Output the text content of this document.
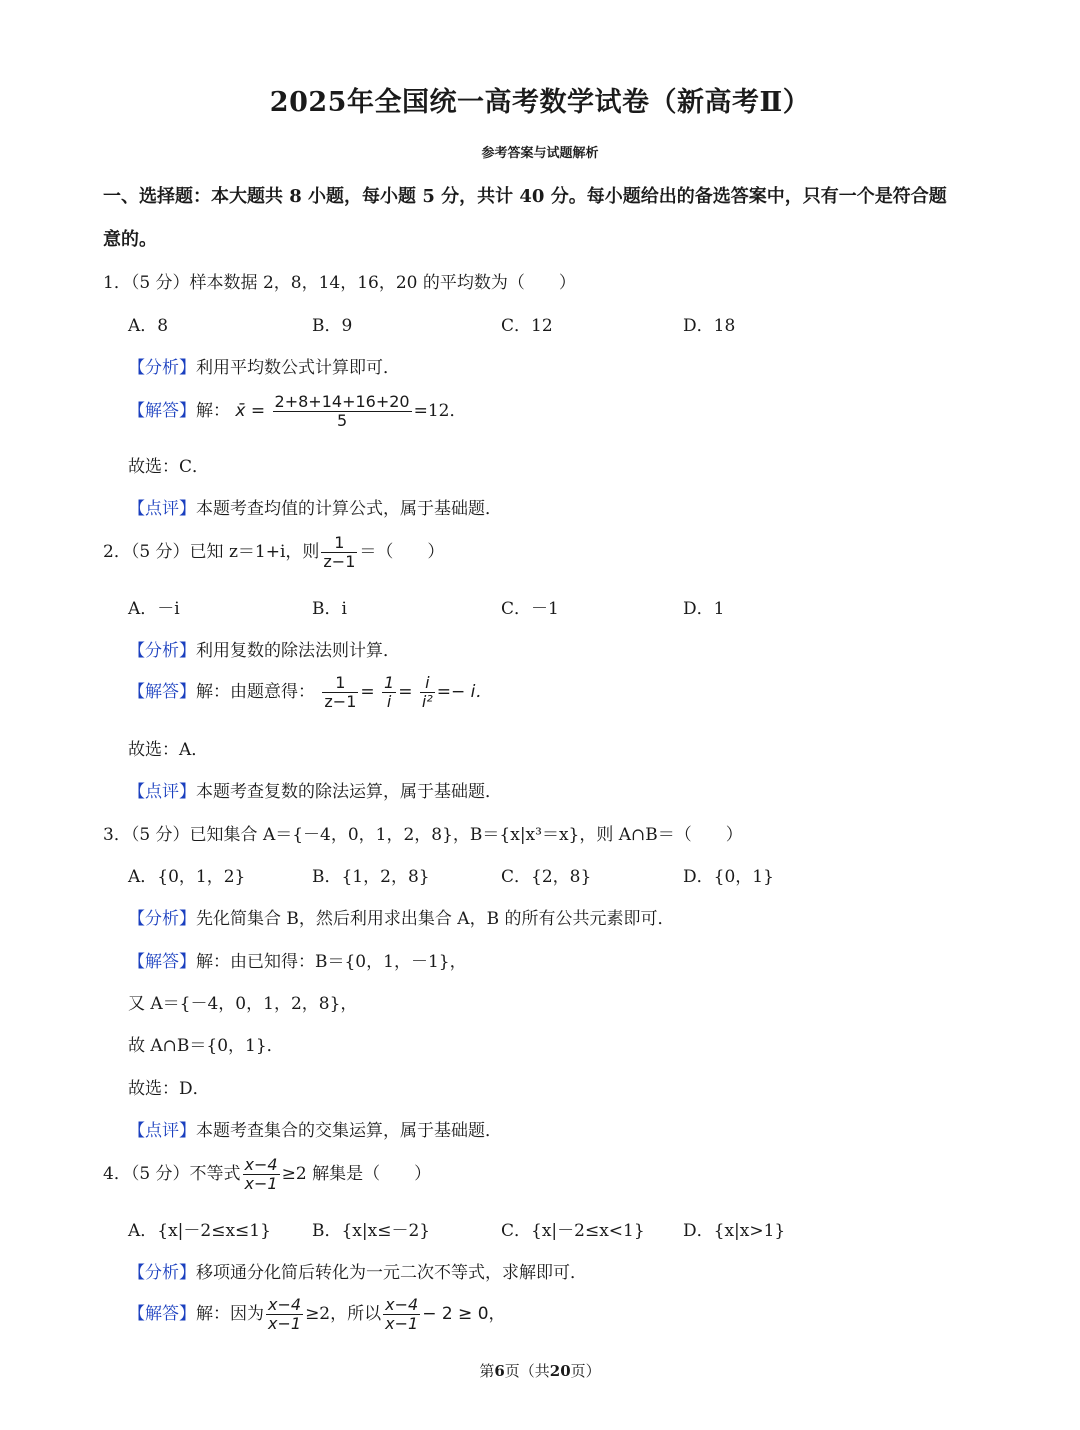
2025年全国统一高考数学试卷（新高考Ⅱ）
参考答案与试题解析
一、选择题：本大题共 8 小题，每小题 5 分，共计 40 分。每小题给出的备选答案中，只有一个是符合题
意的。
1．（5 分）样本数据 2，8，14，16，20 的平均数为（　　）
A．8	B．9	C．12	D．18
【分析】利用平均数公式计算即可．
【解答】解： x̄ = $\frac{2+8+14+16+20}{5} =12$．
故选：C．
【点评】本题考查均值的计算公式，属于基础题．
2．（5 分）已知 z＝1+i，则 $\frac{1}{z-1}$ ＝（　　）
A．－i	B．i	C．－1	D．1
【分析】利用复数的除法法则计算．
【解答】解：由题意得： $\frac{1}{z-1} = \frac{1}{i} = \frac{i}{\text{i²}} =- i$．
故选：A．
【点评】本题考查复数的除法运算，属于基础题．
3．（5 分）已知集合 A＝{－4，0，1，2，8}，B＝{x|x³＝x}，则 A∩B＝（　　）
A．{0，1，2}	B．{1，2，8}	C．{2，8}	D．{0，1}
【分析】先化简集合 B，然后利用求出集合 A，B 的所有公共元素即可．
【解答】解：由已知得：B＝{0，1，－1}，
又 A＝{－4，0，1，2，8}，
故 A∩B＝{0，1}．
故选：D．
【点评】本题考查集合的交集运算，属于基础题．
4．（5 分）不等式 $\frac{x-4}{x-1} \ge 2$ 解集是（　　）
A．{x|－2≤x≤1} B．{x|x≤－2}	C．{x|－2≤x<1} D．{x|x>1}
【分析】移项通分化简后转化为一元二次不等式，求解即可．
【解答】解：因为 $\frac{x-4}{x-1} \ge 2$，所以 $\frac{x-4}{x-1} - 2 \ge 0$，
第6页（共20页）
